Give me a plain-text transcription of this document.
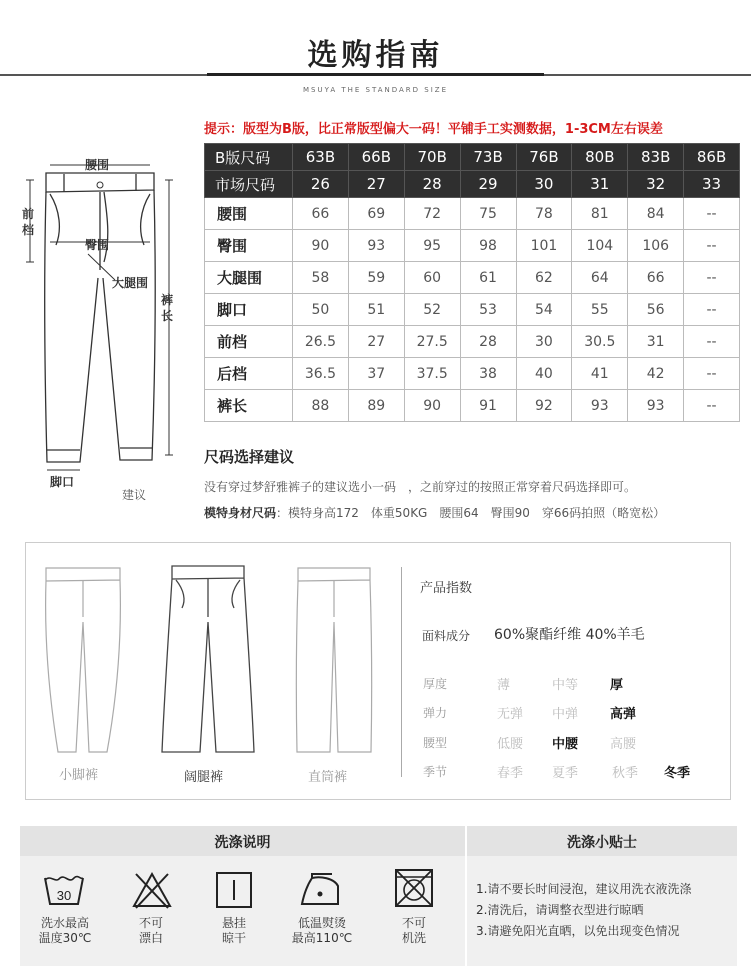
选购指南
MSUYA THE STANDARD SIZE
提示：版型为B版，比正常版型偏大一码！平铺手工实测数据，1-3CM左右误差
腰围
前档
臀围
大腿围
裤长
脚口
建议
B版尺码	63B	66B	70B	73B	76B	80B	83B	86B
市场尺码	26	27	28	29	30	31	32	33
腰围	66	69	72	75	78	81	84	--
臀围	90	93	95	98	101	104	106	--
大腿围	58	59	60	61	62	64	66	--
脚口	50	51	52	53	54	55	56	--
前档	26.5	27	27.5	28	30	30.5	31	--
后档	36.5	37	37.5	38	40	41	42	--
裤长	88	89	90	91	92	93	93	--
尺码选择建议
没有穿过梦舒雅裤子的建议选小一码　，之前穿过的按照正常穿着尺码选择即可。
模特身材尺码：模特身高172　体重50KG　腰围64　臀围90　穿66码拍照（略宽松）
小脚裤	阔腿裤	直筒裤
产品指数
面料成分 60%聚酯纤维 40%羊毛
厚度	薄	中等 厚
弹力	无弹 中弹 高弹
腰型	低腰 中腰 高腰
季节	春季 夏季	秋季 冬季
洗涤说明	洗涤小贴士
30
洗水最高
温度30℃
不可
漂白
悬挂
晾干
低温熨烫
最高110℃
不可
机洗
1.请不要长时间浸泡，建议用洗衣液洗涤
2.清洗后，请调整衣型进行晾晒
3.请避免阳光直晒，以免出现变色情况
